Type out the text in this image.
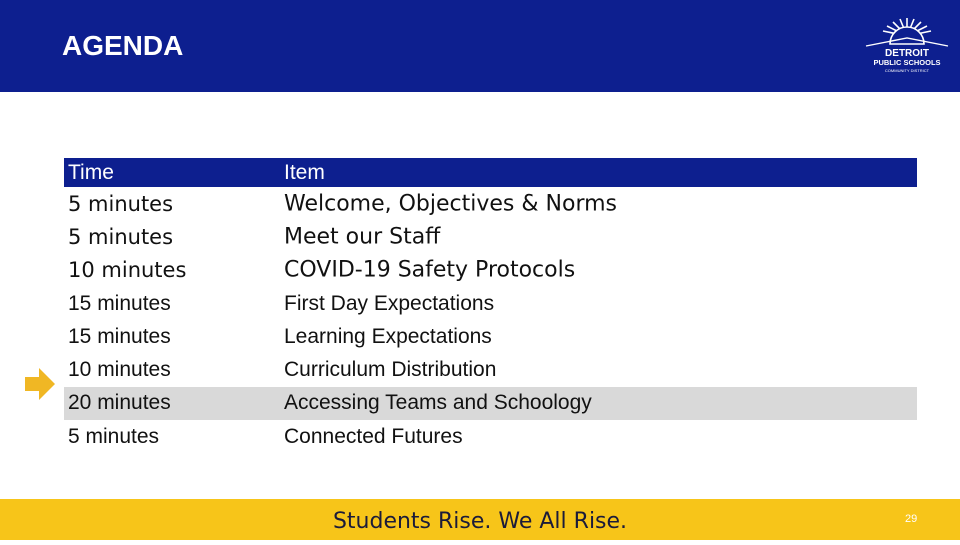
AGENDA	DETROIT
PUBLIC SCHOOLS
COMMUNITY DISTRICT
Time	Item
5 minutes	Welcome, Objectives & Norms
5 minutes	Meet our Staff
10 minutes	COVID-19 Safety Protocols
15 minutes	First Day Expectations
15 minutes	Learning Expectations
10 minutes	Curriculum Distribution
20 minutes	Accessing Teams and Schoology
5 minutes	Connected Futures
Students Rise. We All Rise.	29
